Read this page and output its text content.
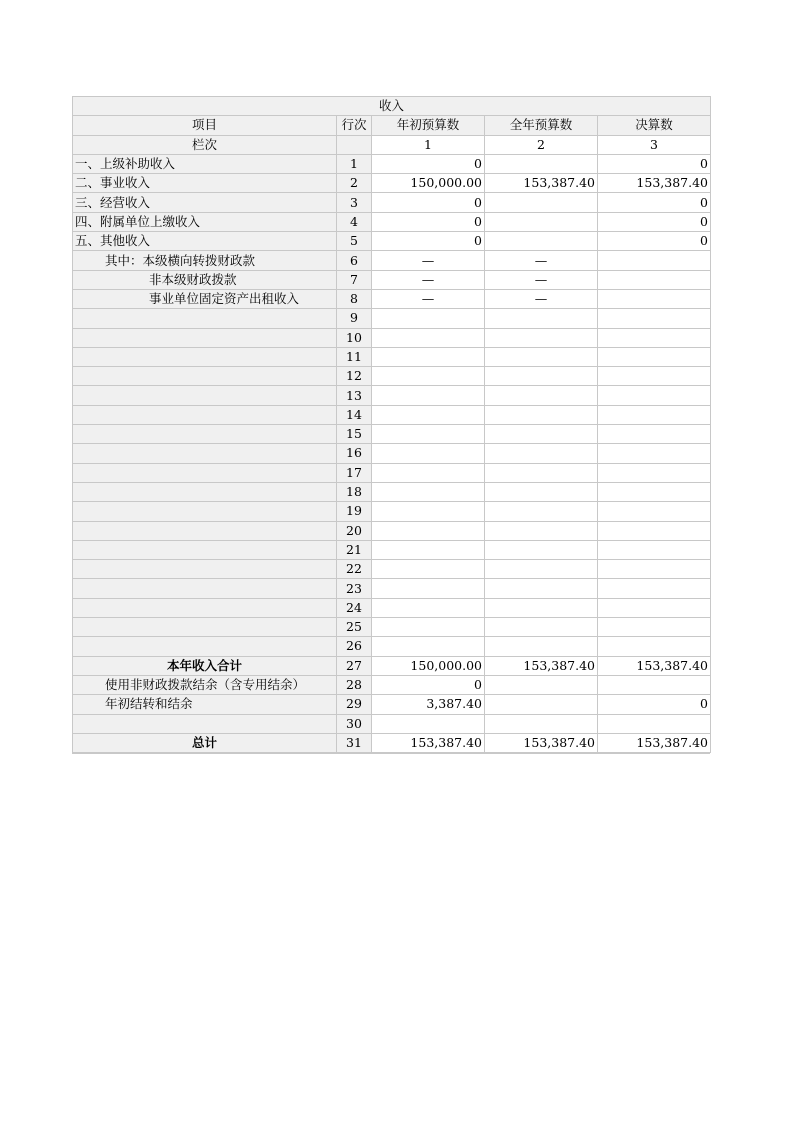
收入				
项目	行次	年初预算数	全年预算数	决算数
栏次		1	2	3
一、上级补助收入	1	0		0
二、事业收入	2	150,000.00	153,387.40	153,387.40
三、经营收入	3	0		0
四、附属单位上缴收入	4	0		0
五、其他收入	5	0		0
其中：本级横向转拨财政款	6	—	—	
非本级财政拨款	7	—	—	
事业单位固定资产出租收入	8	—	—	
	9			
	10			
	11			
	12			
	13			
	14			
	15			
	16			
	17			
	18			
	19			
	20			
	21			
	22			
	23			
	24			
	25			
	26			
本年收入合计	27	150,000.00	153,387.40	153,387.40
使用非财政拨款结余（含专用结余）	28	0		
年初结转和结余	29	3,387.40		0
	30			
总计	31	153,387.40	153,387.40	153,387.40
